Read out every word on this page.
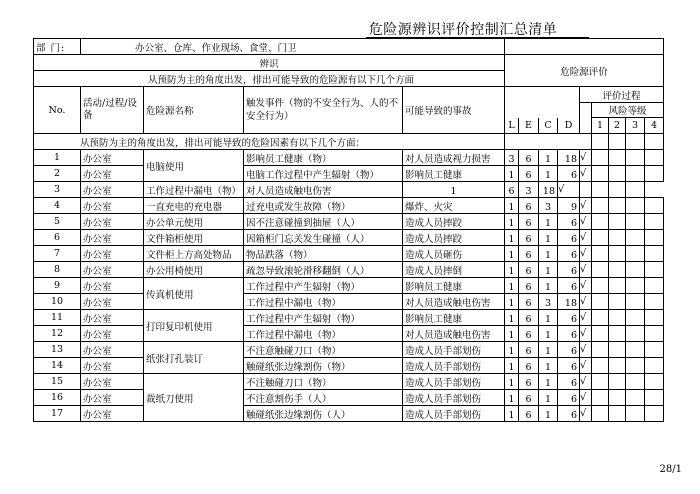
危险源辨识评价控制汇总清单
部 门:	办公室、仓库、作业现场、食堂、门卫												
辨识					危险源评价								
从预防为主的角度出发，排出可能导致的危险源有以下几个方面													
No.	活动/过程/设备	危险源名称	触发事件（物的不安全行为、人的不安全行为）	可能导致的事故					评价过程				
										风险等级			
					L	E	C	D		1	2	3	4
从预防为主的角度出发，排出可能导致的危险因素有以下几个方面：													
1	办公室	电脑使用	影响员工健康（物）	对人员造成视力损害	3	6	1	18	√				
2	办公室		电脑工作过程中产生辐射（物）	影响员工健康	1	6	1	6	√				
3	办公室	工作过程中漏电（物）	对人员造成触电伤害	1	6	3	18	√					
4	办公室	一直充电的充电器	过充电或发生故障（物）	爆炸、火灾	1	6	3	9	√				
5	办公室	办公单元使用	因不注意碰撞到抽屉（人）	造成人员摔跤	1	6	1	6	√				
6	办公室	文件箱柜使用	因箱柜门忘关发生碰撞（人）	造成人员摔跤	1	6	1	6	√				
7	办公室	文件柜上方高处物品	物品跌落（物）	造成人员砸伤	1	6	1	6	√				
8	办公室	办公用椅使用	疏忽导致滚轮滑移翻倒（人）	造成人员摔倒	1	6	1	6	√				
9	办公室	传真机使用	工作过程中产生辐射（物）	影响员工健康	1	6	1	6	√				
10	办公室		工作过程中漏电（物）	对人员造成触电伤害	1	6	3	18	√				
11	办公室	打印复印机使用	工作过程中产生辐射（物）	影响员工健康	1	6	1	6	√				
12	办公室		工作过程中漏电（物）	对人员造成触电伤害	1	6	1	6	√				
13	办公室	纸张打孔装订	不注意触碰刀口（物）	造成人员手部划伤	1	6	1	6	√				
14	办公室		触碰纸张边缘割伤（物）	造成人员手部划伤	1	6	1	6	√				
15	办公室	裁纸刀使用	不注触碰刀口（物）	造成人员手部划伤	1	6	1	6	√				
16	办公室		不注意割伤手（人）	造成人员手部划伤	1	6	1	6	√				
17	办公室		触碰纸张边缘割伤（人）	造成人员手部划伤	1	6	1	6	√				
28/1
